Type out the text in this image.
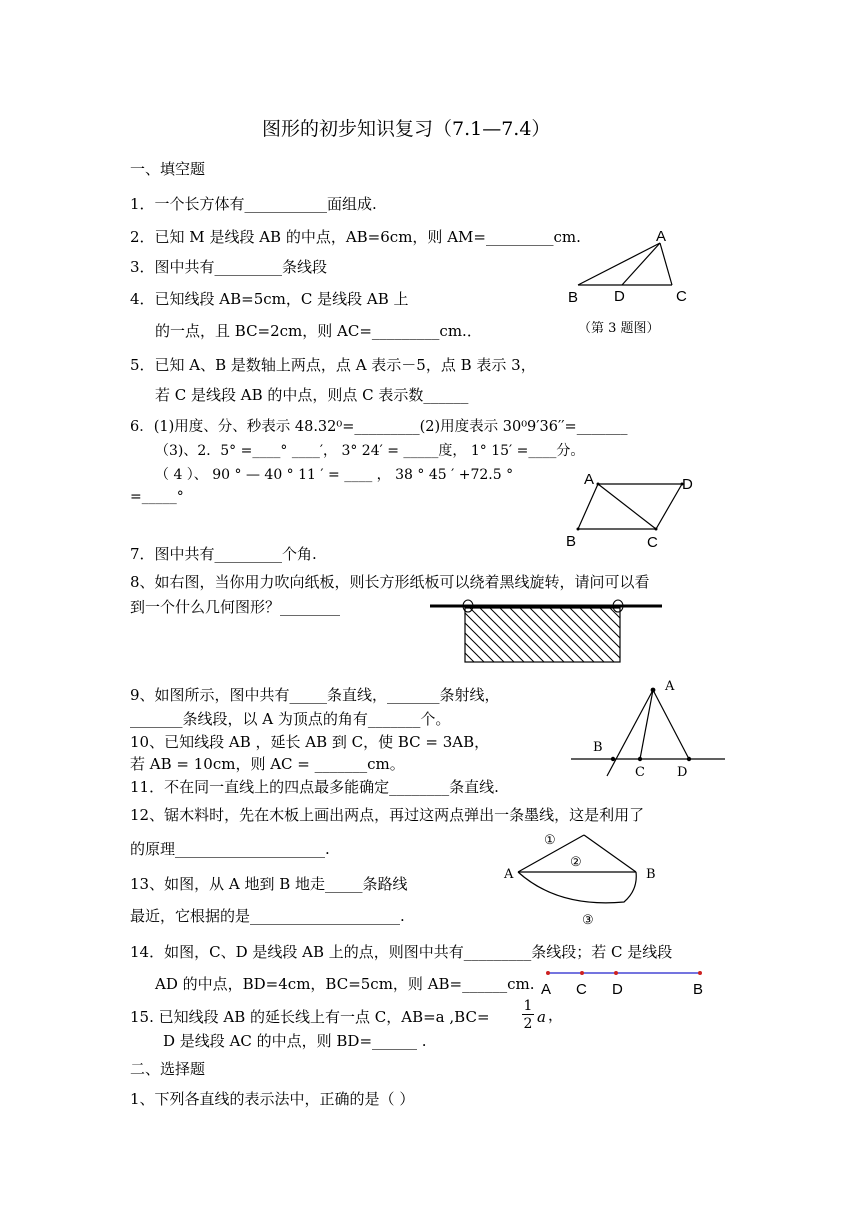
图形的初步知识复习（7.1—7.4）
一、填空题
1．一个长方体有___________面组成.
2．已知 M 是线段 AB 的中点，AB=6cm，则 AM=_________cm.
3．图中共有_________条线段
4．已知线段 AB=5cm，C 是线段 AB 上
的一点，且 BC=2cm，则 AC=_________cm.．
5．已知 A、B 是数轴上两点，点 A 表示－5，点 B 表示 3，
若 C 是线段 AB 的中点，则点 C 表示数______
6．(1)用度、分、秒表示 48.32⁰=_________(2)用度表示 30⁰9′36′′=_______
（3)、2．5° =____° ____′， 3° 24′ = _____度， 1° 15′ =____分。
（ 4 ）、 90 ° — 40 ° 11 ′ = ____ ， 38 ° 45 ′ +72.5 °
=_____°
7．图中共有_________个角.
8、如右图，当你用力吹向纸板，则长方形纸板可以绕着黑线旋转，请问可以看
到一个什么几何图形？________
9、如图所示，图中共有_____条直线，_______条射线，
_______条线段，以 A 为顶点的角有_______个。
10、已知线段 AB ，延长 AB 到 C，使 BC = 3AB，
若 AB = 10cm，则 AC = _______cm。
11．不在同一直线上的四点最多能确定________条直线.
12、锯木料时，先在木板上画出两点，再过这两点弹出一条墨线，这是利用了
的原理____________________.
13、如图，从 A 地到 B 地走_____条路线
最近，它根据的是____________________.
14．如图，C、D 是线段 AB 上的点，则图中共有_________条线段；若 C 是线段
AD 的中点，BD=4cm，BC=5cm，则 AB=______cm.
15. 已知线段 AB 的延长线上有一点 C，AB=a ,BC=
1
2 a ，
D 是线段 AC 的中点，则 BD=______ .
二、选择题
1、下列各直线的表示法中，正确的是（ ）
A
B D	C
（第 3 题图）
A	D
B	C
A
B
C D
A	B
①
②
③
A C D	B
